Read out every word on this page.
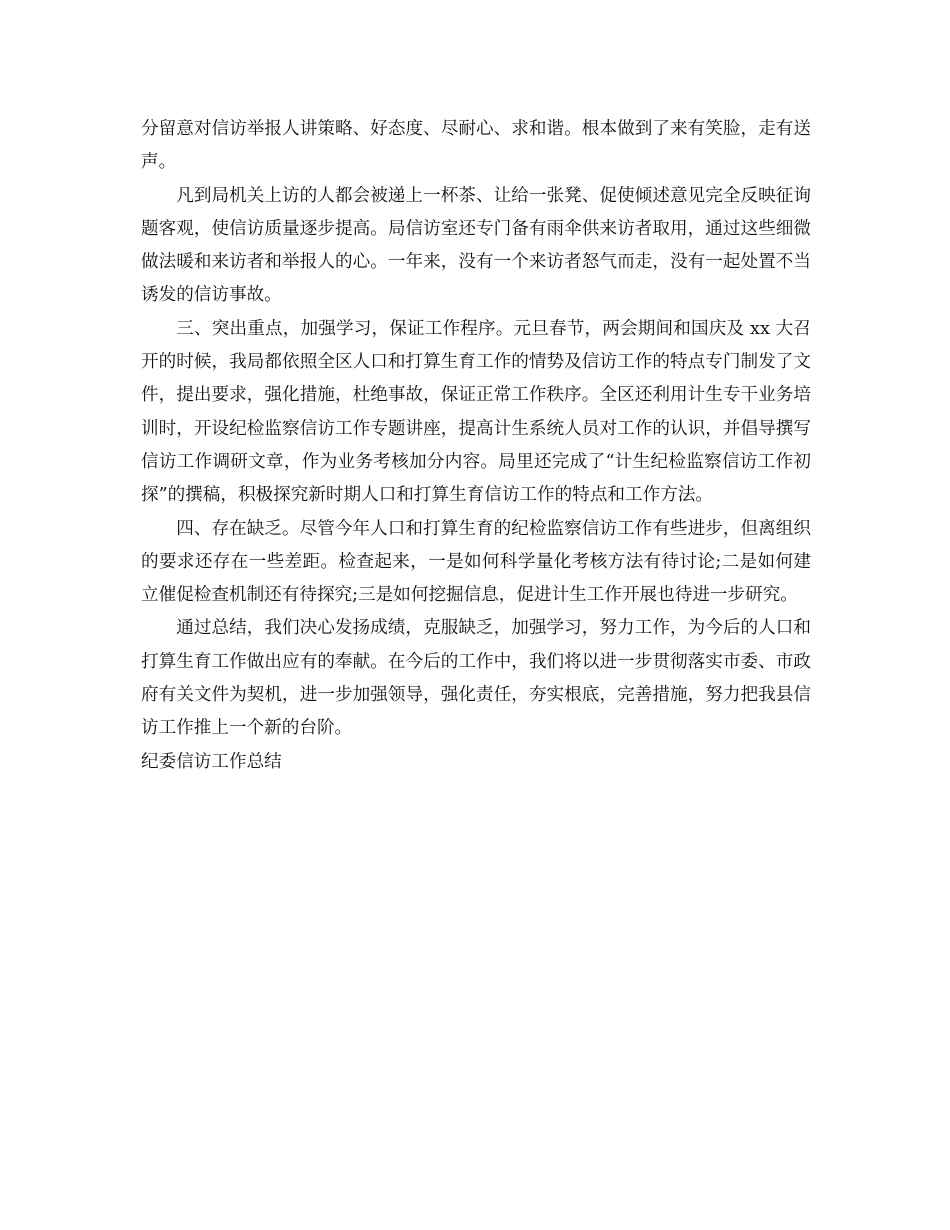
分留意对信访举报人讲策略、好态度、尽耐心、求和谐。根本做到了来有笑脸，走有送声。

凡到局机关上访的人都会被递上一杯茶、让给一张凳、促使倾述意见完全反映征询题客观，使信访质量逐步提高。局信访室还专门备有雨伞供来访者取用，通过这些细微做法暖和来访者和举报人的心。一年来，没有一个来访者怒气而走，没有一起处置不当诱发的信访事故。

三、突出重点，加强学习，保证工作程序。元旦春节，两会期间和国庆及 xx 大召开的时候，我局都依照全区人口和打算生育工作的情势及信访工作的特点专门制发了文件，提出要求，强化措施，杜绝事故，保证正常工作秩序。全区还利用计生专干业务培训时，开设纪检监察信访工作专题讲座，提高计生系统人员对工作的认识，并倡导撰写信访工作调研文章，作为业务考核加分内容。局里还完成了“计生纪检监察信访工作初探”的撰稿，积极探究新时期人口和打算生育信访工作的特点和工作方法。

四、存在缺乏。尽管今年人口和打算生育的纪检监察信访工作有些进步，但离组织的要求还存在一些差距。检查起来，一是如何科学量化考核方法有待讨论;二是如何建立催促检查机制还有待探究;三是如何挖掘信息，促进计生工作开展也待进一步研究。

通过总结，我们决心发扬成绩，克服缺乏，加强学习，努力工作，为今后的人口和打算生育工作做出应有的奉献。在今后的工作中，我们将以进一步贯彻落实市委、市政府有关文件为契机，进一步加强领导，强化责任，夯实根底，完善措施，努力把我县信访工作推上一个新的台阶。

纪委信访工作总结
